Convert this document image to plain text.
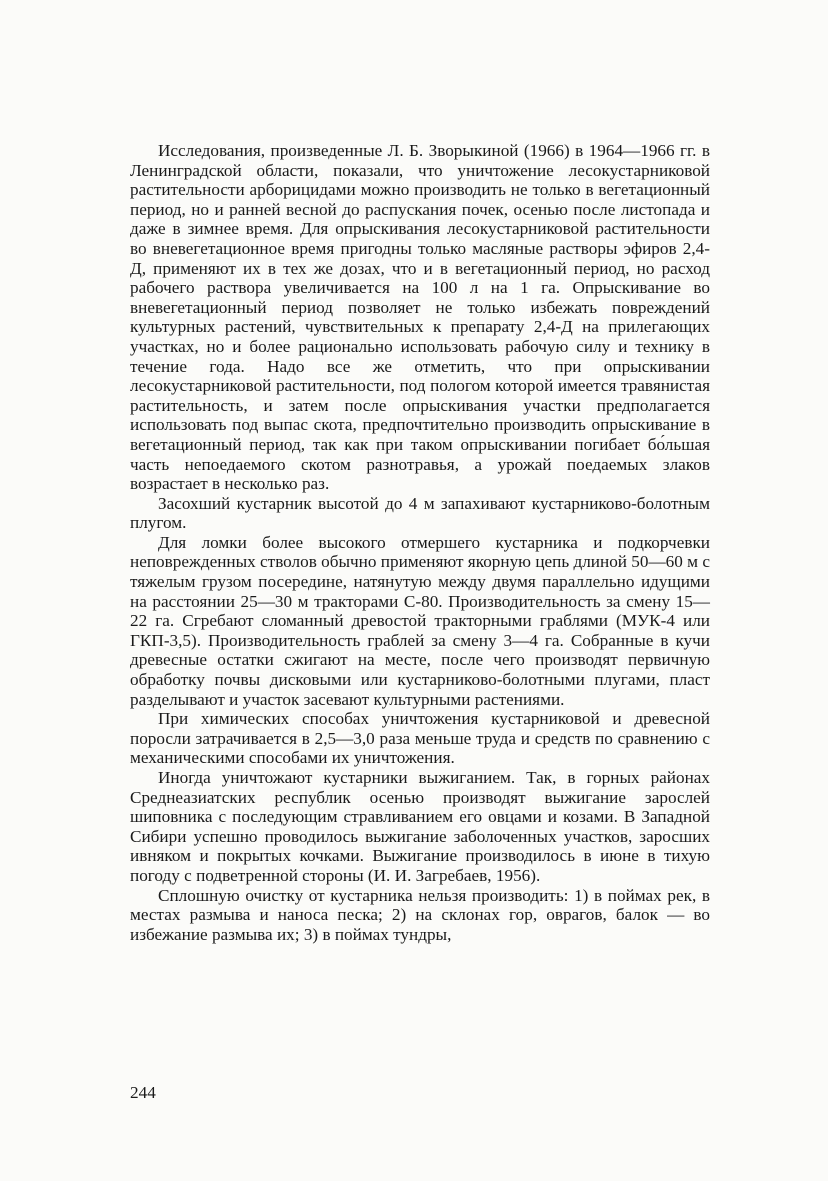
Исследования, произведенные Л. Б. Зворыкиной (1966) в 1964—1966 гг. в Ленинградской области, показали, что уничтожение лесокустарниковой растительности арборицидами можно производить не только в вегетационный период, но и ранней весной до распускания почек, осенью после листопада и даже в зимнее время. Для опрыскивания лесокустарниковой растительности во вневегетационное время пригодны только масляные растворы эфиров 2,4-Д, применяют их в тех же дозах, что и в вегетационный период, но расход рабочего раствора увеличивается на 100 л на 1 га. Опрыскивание во вневегетационный период позволяет не только избежать повреждений культурных растений, чувствительных к препарату 2,4-Д на прилегающих участках, но и более рационально использовать рабочую силу и технику в течение года. Надо все же отметить, что при опрыскивании лесокустарниковой растительности, под пологом которой имеется травянистая растительность, и затем после опрыскивания участки предполагается использовать под выпас скота, предпочтительно производить опрыскивание в вегетационный период, так как при таком опрыскивании погибает бо́льшая часть непоедаемого скотом разнотравья, а урожай поедаемых злаков возрастает в несколько раз.

Засохший кустарник высотой до 4 м запахивают кустарниково-болотным плугом.

Для ломки более высокого отмершего кустарника и подкорчевки неповрежденных стволов обычно применяют якорную цепь длиной 50—60 м с тяжелым грузом посередине, натянутую между двумя параллельно идущими на расстоянии 25—30 м тракторами С-80. Производительность за смену 15—22 га. Сгребают сломанный древостой тракторными граблями (МУК-4 или ГКП-3,5). Производительность граблей за смену 3—4 га. Собранные в кучи древесные остатки сжигают на месте, после чего производят первичную обработку почвы дисковыми или кустарниково-болотными плугами, пласт разделывают и участок засевают культурными растениями.

При химических способах уничтожения кустарниковой и древесной поросли затрачивается в 2,5—3,0 раза меньше труда и средств по сравнению с механическими способами их уничтожения.

Иногда уничтожают кустарники выжиганием. Так, в горных районах Среднеазиатских республик осенью производят выжигание зарослей шиповника с последующим стравливанием его овцами и козами. В Западной Сибири успешно проводилось выжигание заболоченных участков, заросших ивняком и покрытых кочками. Выжигание производилось в июне в тихую погоду с подветренной стороны (И. И. Загребаев, 1956).

Сплошную очистку от кустарника нельзя производить: 1) в поймах рек, в местах размыва и наноса песка; 2) на склонах гор, оврагов, балок — во избежание размыва их; 3) в поймах тундры,

244
